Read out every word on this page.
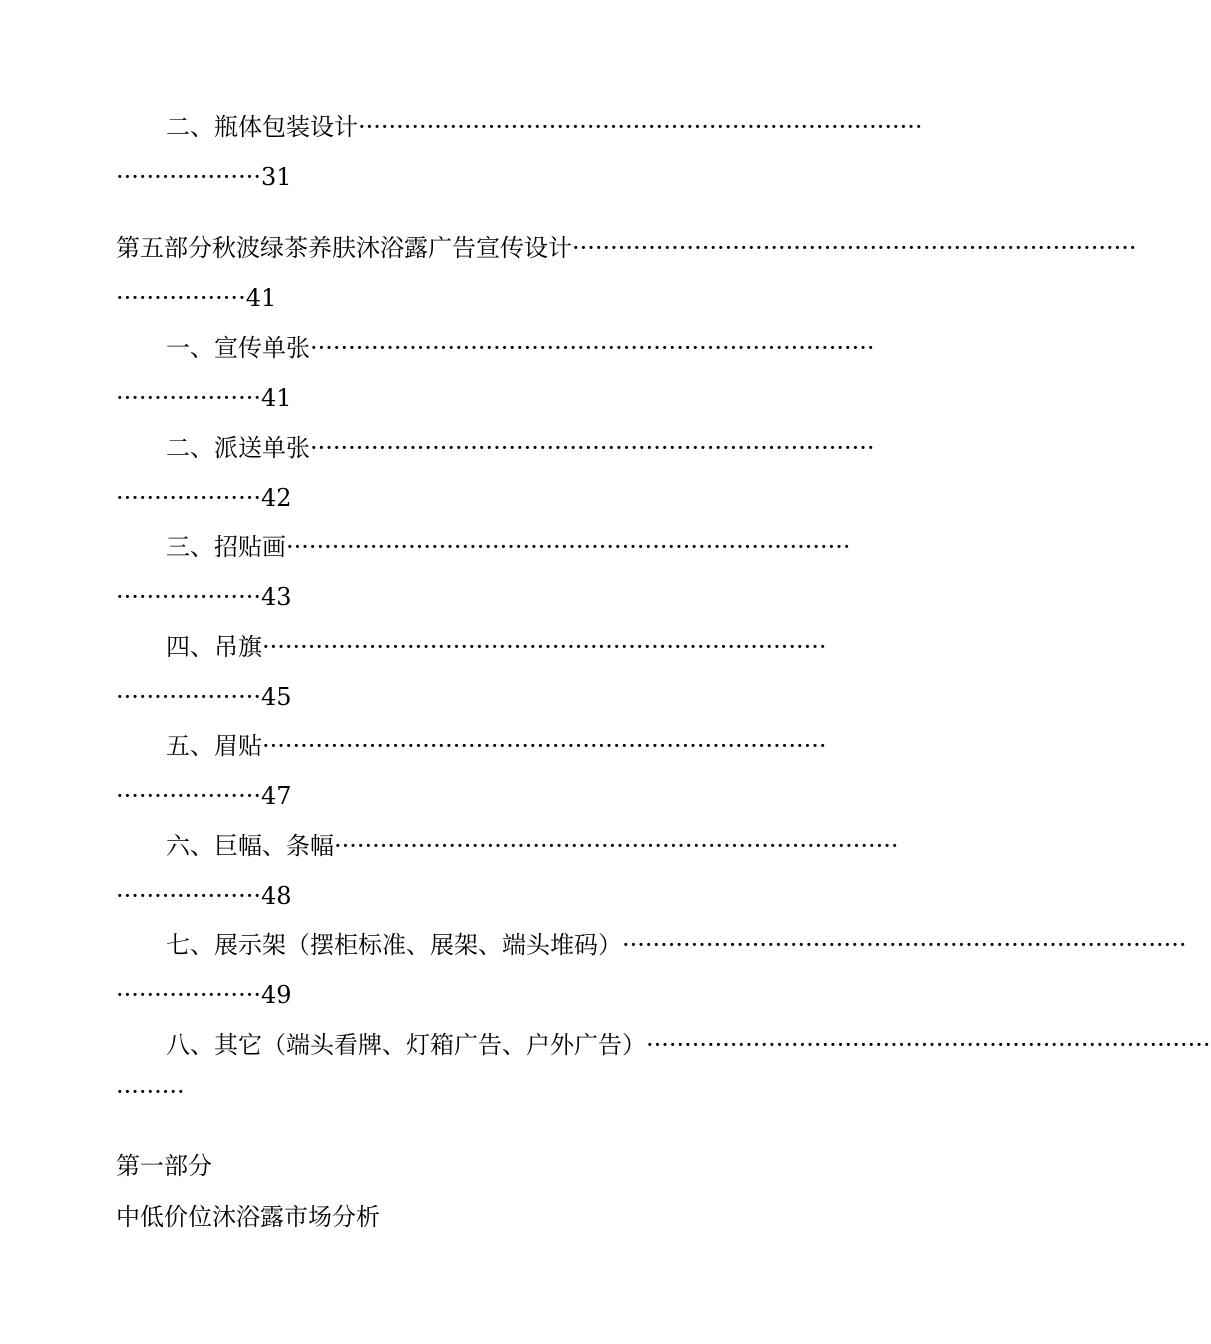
二、瓶体包装设计 ··········································································
··················· 31
第五部分 秋波绿茶养肤沐浴露广告宣传设计 ··········································································
················· 41
一、宣传单张 ··········································································
··················· 41
二、派送单张 ··········································································
··················· 42
三、招贴画 ··········································································
··················· 43
四、吊旗 ··········································································
··················· 45
五、眉贴 ··········································································
··················· 47
六、巨幅、条幅 ··········································································
··················· 48
七、展示架（摆柜标准、展架、端头堆码） ··········································································
··················· 49
八、其它（端头看牌、灯箱广告、户外广告） ··········································································
·········
第一部分
中低价位沐浴露市场分析
